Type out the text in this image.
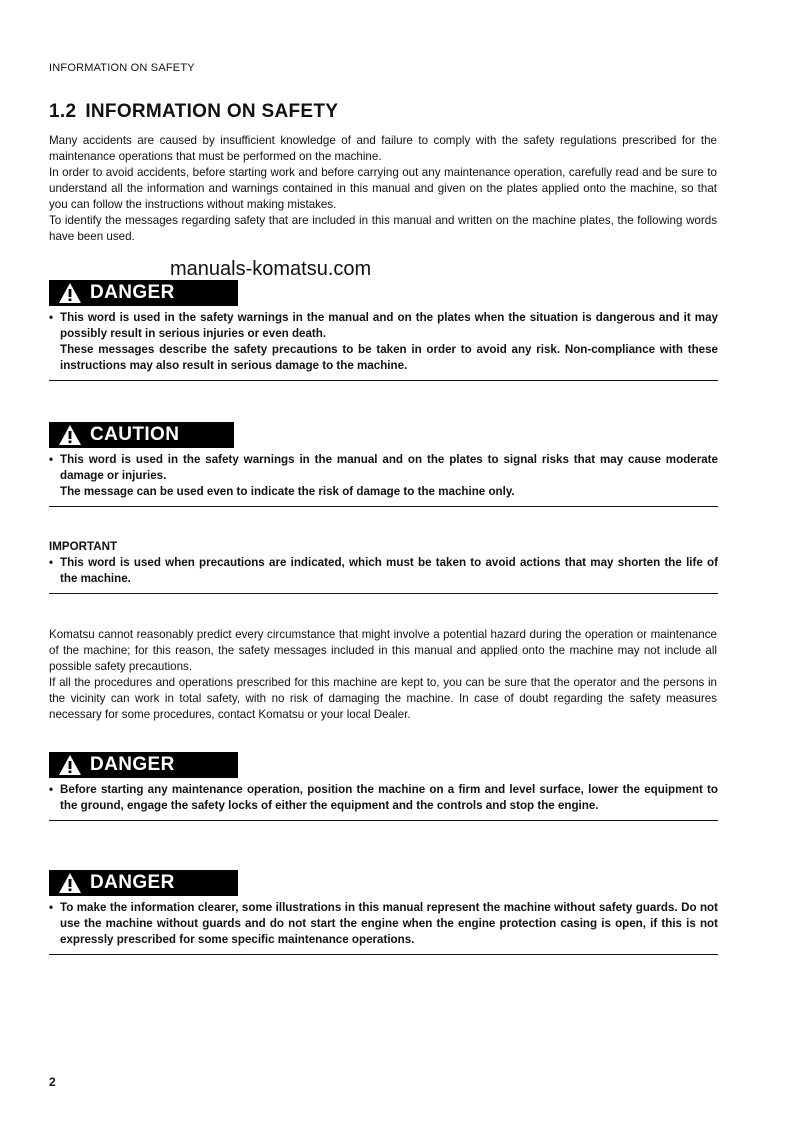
INFORMATION ON SAFETY
1.2 INFORMATION ON SAFETY

Many accidents are caused by insufficient knowledge of and failure to comply with the safety regulations prescribed for the maintenance operations that must be performed on the machine.

In order to avoid accidents, before starting work and before carrying out any maintenance operation, carefully read and be sure to understand all the information and warnings contained in this manual and given on the plates applied onto the machine, so that you can follow the instructions without making mistakes.

To identify the messages regarding safety that are included in this manual and written on the machine plates, the following words have been used.

manuals-komatsu.com
DANGER
• This word is used in the safety warnings in the manual and on the plates when the situation is dangerous and it may possibly result in serious injuries or even death.
These messages describe the safety precautions to be taken in order to avoid any risk. Non-compliance with these instructions may also result in serious damage to the machine.
CAUTION
• This word is used in the safety warnings in the manual and on the plates to signal risks that may cause moderate damage or injuries.
The message can be used even to indicate the risk of damage to the machine only.
IMPORTANT
• This word is used when precautions are indicated, which must be taken to avoid actions that may shorten the life of the machine.

Komatsu cannot reasonably predict every circumstance that might involve a potential hazard during the operation or maintenance of the machine; for this reason, the safety messages included in this manual and applied onto the machine may not include all possible safety precautions.

If all the procedures and operations prescribed for this machine are kept to, you can be sure that the operator and the persons in the vicinity can work in total safety, with no risk of damaging the machine. In case of doubt regarding the safety measures necessary for some procedures, contact Komatsu or your local Dealer.

DANGER
• Before starting any maintenance operation, position the machine on a firm and level surface, lower the equipment to the ground, engage the safety locks of either the equipment and the controls and stop the engine.
DANGER
• To make the information clearer, some illustrations in this manual represent the machine without safety guards. Do not use the machine without guards and do not start the engine when the engine protection casing is open, if this is not expressly prescribed for some specific maintenance operations.
2
